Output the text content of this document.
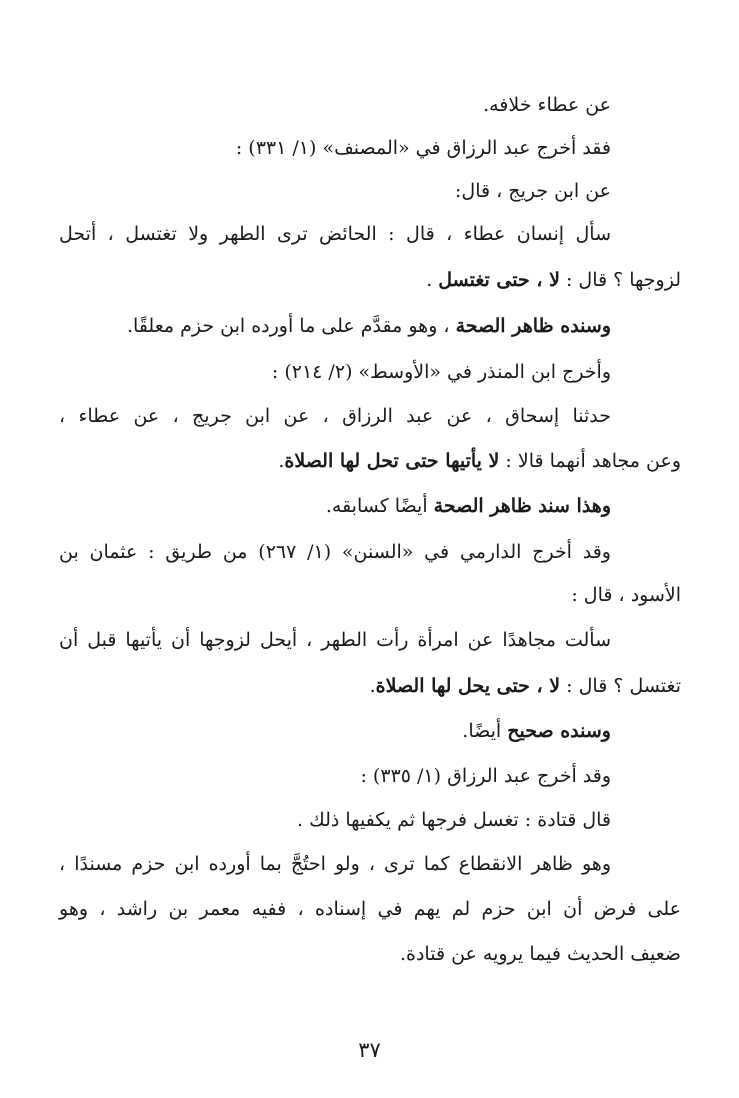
عن عطاء خلافه.
فقد أخرج عبد الرزاق في «المصنف» (١/ ٣٣١) :
عن ابن جريج ، قال:
سأل إنسان عطاء ، قال : الحائض ترى الطهر ولا تغتسل ، أتحل
لزوجها ؟ قال : لا ، حتى تغتسل .
وسنده ظاهر الصحة ، وهو مقدَّم على ما أورده ابن حزم معلقًا.
وأخرج ابن المنذر في «الأوسط» (٢/ ٢١٤) :
حدثنا إسحاق ، عن عبد الرزاق ، عن ابن جريج ، عن عطاء ،
وعن مجاهد أنهما قالا : لا يأتيها حتى تحل لها الصلاة.
وهذا سند ظاهر الصحة أيضًا كسابقه.
وقد أخرج الدارمي في «السنن» (١/ ٢٦٧) من طريق : عثمان بن
الأسود ، قال :
سألت مجاهدًا عن امرأة رأت الطهر ، أيحل لزوجها أن يأتيها قبل أن
تغتسل ؟ قال : لا ، حتى يحل لها الصلاة.
وسنده صحيح أيضًا.
وقد أخرج عبد الرزاق (١/ ٣٣٥) :
قال قتادة : تغسل فرجها ثم يكفيها ذلك .
وهو ظاهر الانقطاع كما ترى ، ولو احتُجَّ بما أورده ابن حزم مسندًا ،
على فرض أن ابن حزم لم يهم في إسناده ، ففيه معمر بن راشد ، وهو
ضعيف الحديث فيما يرويه عن قتادة.
٣٧
